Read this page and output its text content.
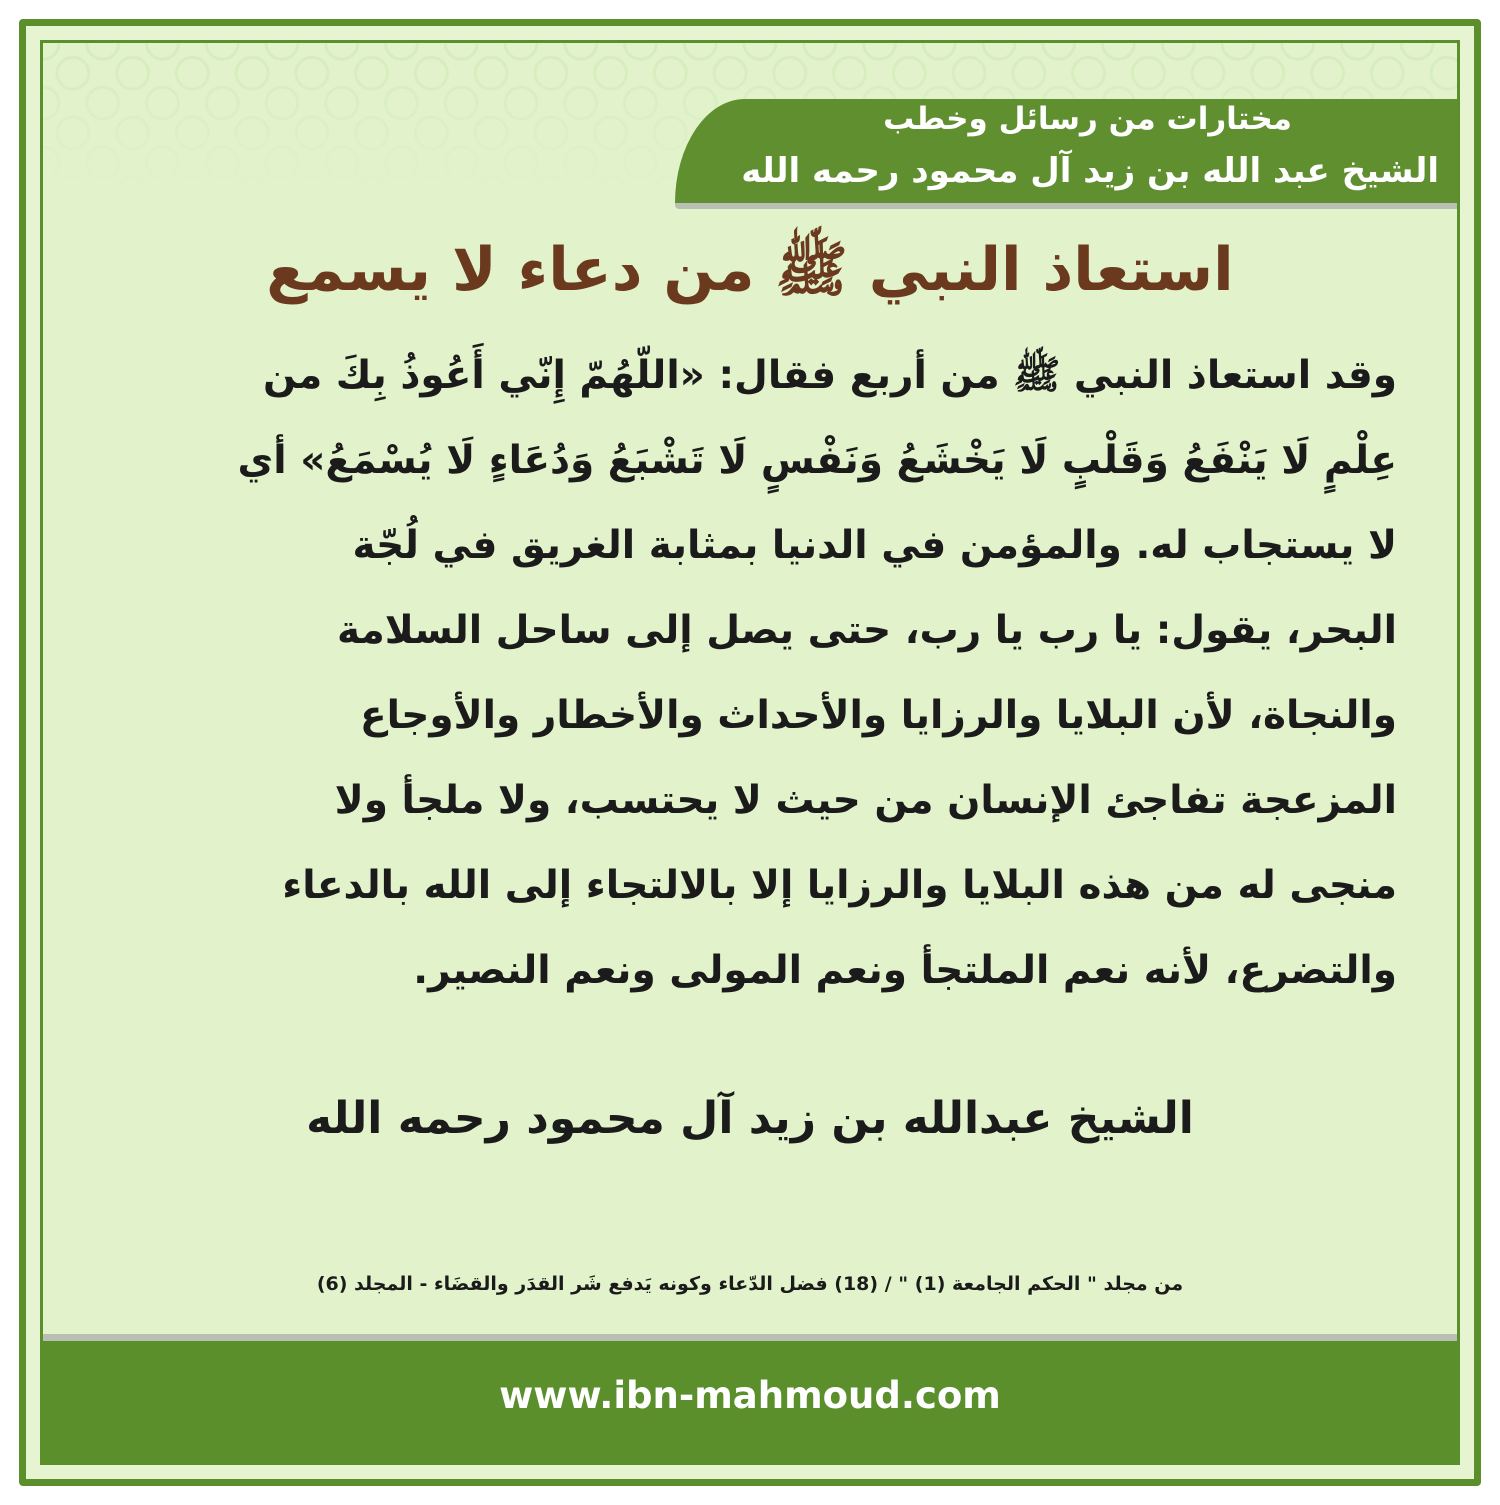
مختارات من رسائل وخطب
الشيخ عبد الله بن زيد آل محمود رحمه الله
استعاذ النبي ﷺ من دعاء لا يسمع
وقد استعاذ النبي ﷺ من أربع فقال: «اللّهُمّ إِنّي أَعُوذُ بِكَ من
عِلْمٍ لَا يَنْفَعُ وَقَلْبٍ لَا يَخْشَعُ وَنَفْسٍ لَا تَشْبَعُ وَدُعَاءٍ لَا يُسْمَعُ» أي
لا يستجاب له. والمؤمن في الدنيا بمثابة الغريق في لُجّة
البحر، يقول: يا رب يا رب، حتى يصل إلى ساحل السلامة
والنجاة، لأن البلايا والرزايا والأحداث والأخطار والأوجاع
المزعجة تفاجئ الإنسان من حيث لا يحتسب، ولا ملجأ ولا
منجى له من هذه البلايا والرزايا إلا بالالتجاء إلى الله بالدعاء
والتضرع، لأنه نعم الملتجأ ونعم المولى ونعم النصير.
الشيخ عبدالله بن زيد آل محمود رحمه الله
من مجلد " الحكم الجامعة (1) " / (18) فضل الدّعاء وكونه يَدفع شَر القدَر والقضَاء - المجلد (6)
www.ibn-mahmoud.com
